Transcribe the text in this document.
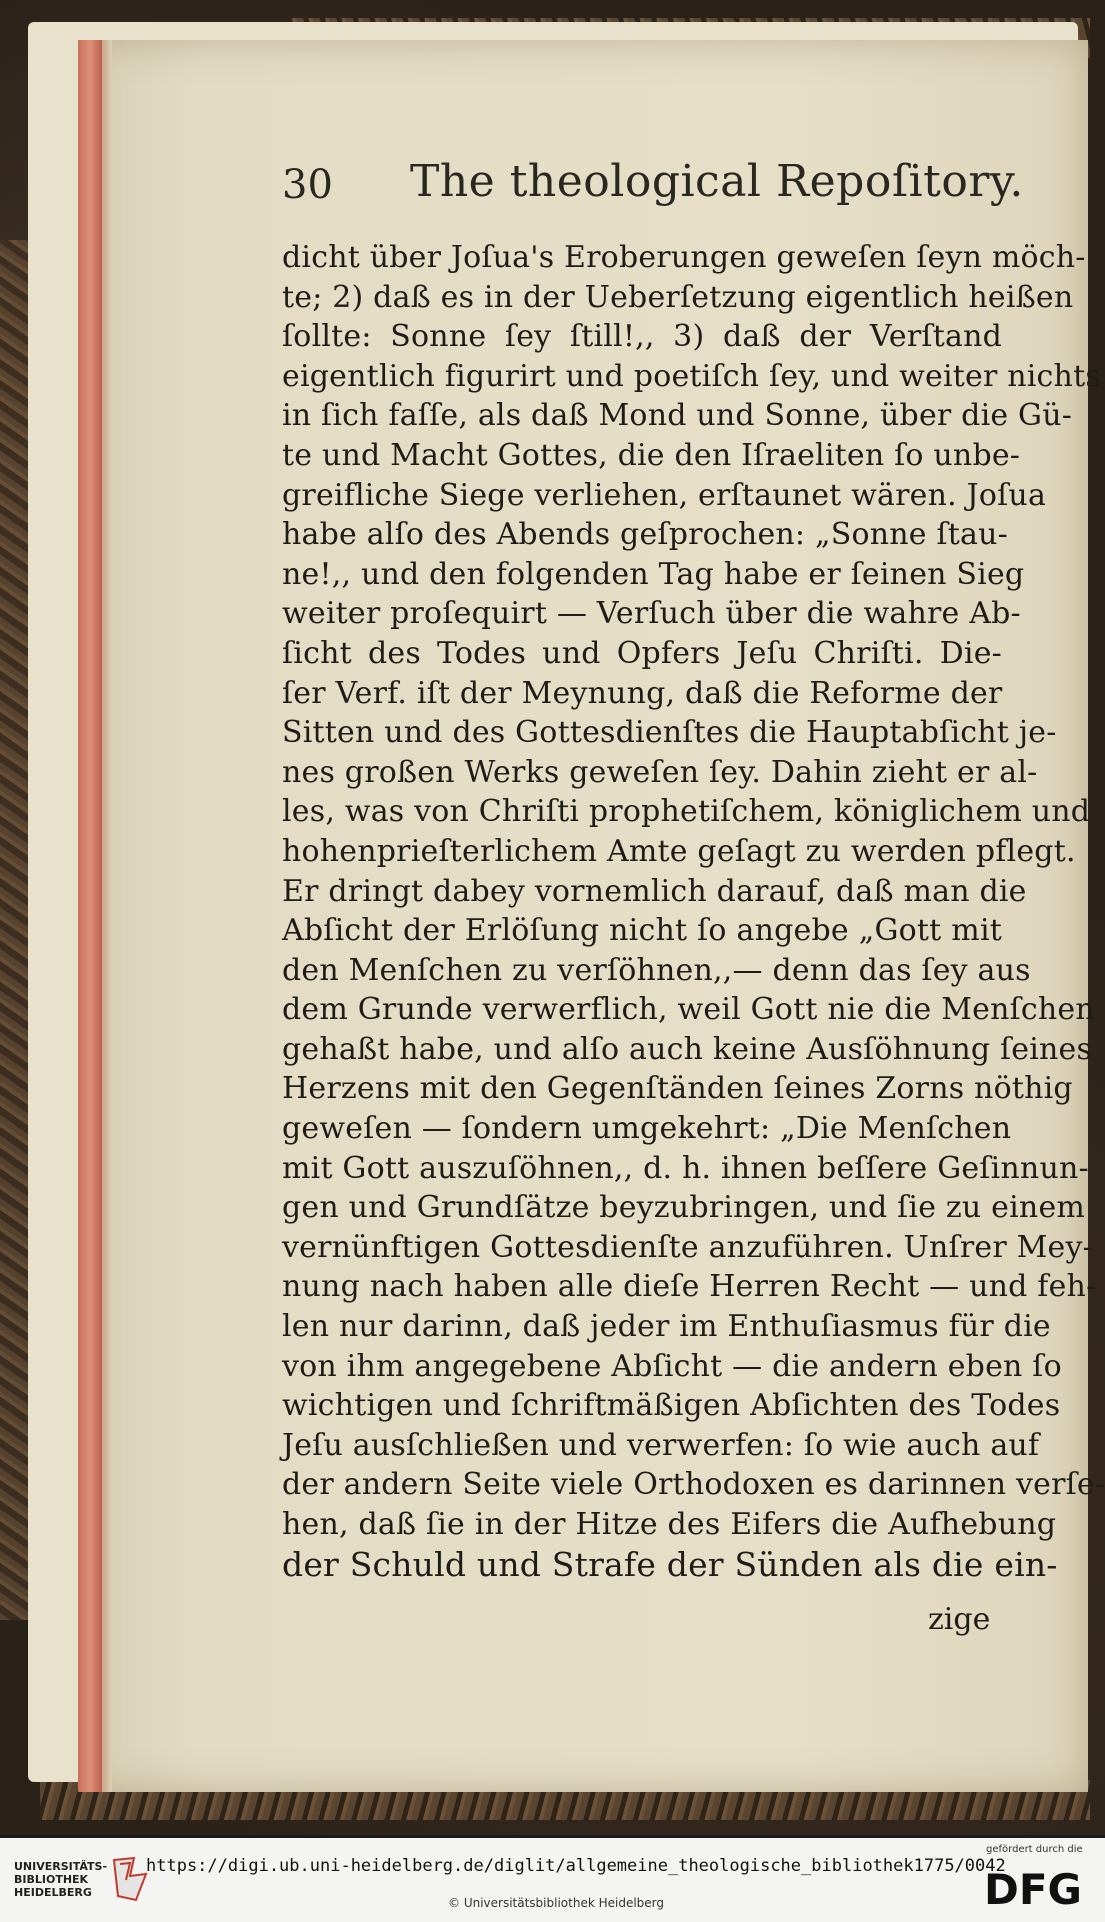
30 The theological Repoſitory.
dicht über Joſua's Eroberungen geweſen ſeyn möch-
te; 2) daß es in der Ueberſetzung eigentlich heißen
ſollte: Sonne ſey ſtill!,, 3) daß der Verſtand
eigentlich figurirt und poetiſch ſey, und weiter nichts
in ſich faſſe, als daß Mond und Sonne, über die Gü-
te und Macht Gottes, die den Iſraeliten ſo unbe-
greifliche Siege verliehen, erſtaunet wären. Joſua
habe alſo des Abends geſprochen: „Sonne ſtau-
ne!,, und den folgenden Tag habe er ſeinen Sieg
weiter proſequirt — Verſuch über die wahre Ab-
ſicht des Todes und Opfers Jeſu Chriſti. Die-
ſer Verf. iſt der Meynung, daß die Reforme der
Sitten und des Gottesdienſtes die Hauptabſicht je-
nes großen Werks geweſen ſey. Dahin zieht er al-
les, was von Chriſti prophetiſchem, königlichem und
hohenprieſterlichem Amte geſagt zu werden pflegt.
Er dringt dabey vornemlich darauf, daß man die
Abſicht der Erlöſung nicht ſo angebe „Gott mit
den Menſchen zu verſöhnen,,— denn das ſey aus
dem Grunde verwerflich, weil Gott nie die Menſchen
gehaßt habe, und alſo auch keine Ausſöhnung ſeines
Herzens mit den Gegenſtänden ſeines Zorns nöthig
geweſen — ſondern umgekehrt: „Die Menſchen
mit Gott auszuſöhnen,, d. h. ihnen beſſere Geſinnun-
gen und Grundſätze beyzubringen, und ſie zu einem
vernünftigen Gottesdienſte anzuführen. Unſrer Mey-
nung nach haben alle dieſe Herren Recht — und feh-
len nur darinn, daß jeder im Enthuſiasmus für die
von ihm angegebene Abſicht — die andern eben ſo
wichtigen und ſchriftmäßigen Abſichten des Todes
Jeſu ausſchließen und verwerfen: ſo wie auch auf
der andern Seite viele Orthodoxen es darinnen verſe-
hen, daß ſie in der Hitze des Eifers die Aufhebung
der Schuld und Strafe der Sünden als die ein-
zige
UNIVERSITÄTS-
BIBLIOTHEK
HEIDELBERG
https://digi.ub.uni-heidelberg.de/diglit/allgemeine_theologische_bibliothek1775/0042
© Universitätsbibliothek Heidelberg
gefördert durch die
DFG
